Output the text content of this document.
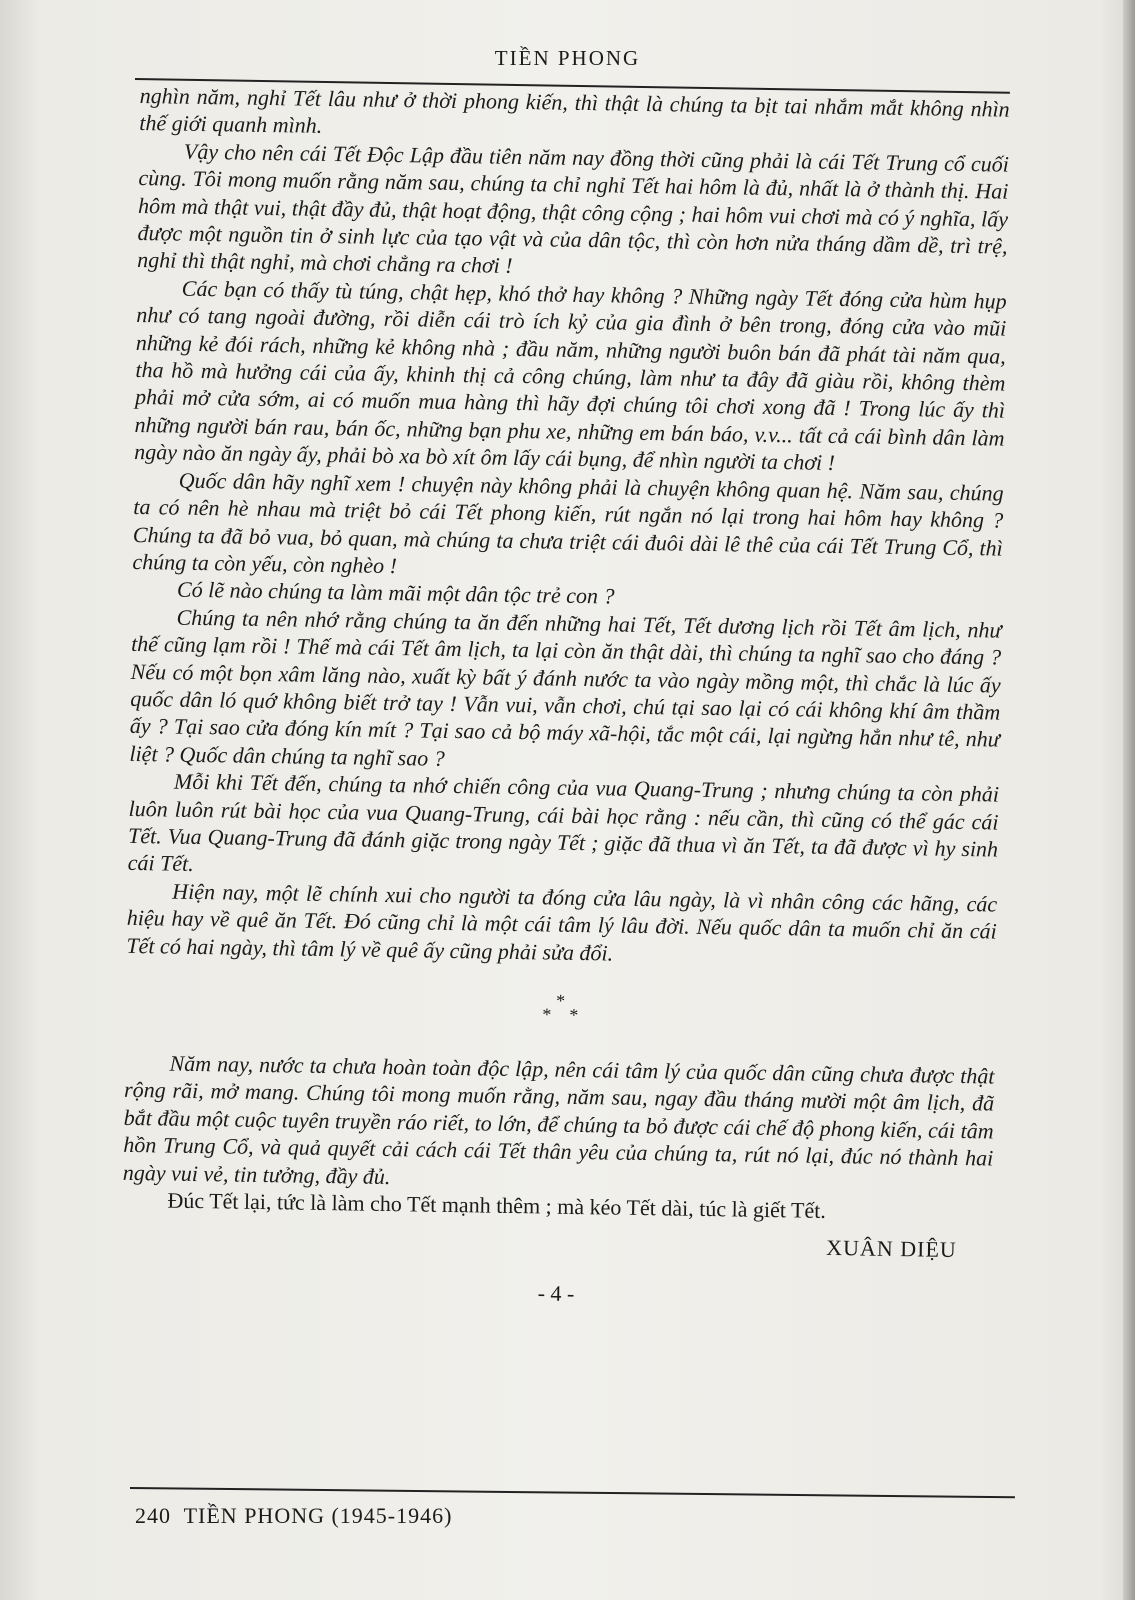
TIỀN PHONG

nghìn năm, nghỉ Tết lâu như ở thời phong kiến, thì thật là chúng ta bịt tai nhắm mắt không nhìn thế giới quanh mình.

Vậy cho nên cái Tết Độc Lập đầu tiên năm nay đồng thời cũng phải là cái Tết Trung cổ cuối cùng. Tôi mong muốn rằng năm sau, chúng ta chỉ nghỉ Tết hai hôm là đủ, nhất là ở thành thị. Hai hôm mà thật vui, thật đầy đủ, thật hoạt động, thật công cộng ; hai hôm vui chơi mà có ý nghĩa, lấy được một nguồn tin ở sinh lực của tạo vật và của dân tộc, thì còn hơn nửa tháng dầm dề, trì trệ, nghỉ thì thật nghỉ, mà chơi chẳng ra chơi !

Các bạn có thấy tù túng, chật hẹp, khó thở hay không ? Những ngày Tết đóng cửa hùm hụp như có tang ngoài đường, rồi diễn cái trò ích kỷ của gia đình ở bên trong, đóng cửa vào mũi những kẻ đói rách, những kẻ không nhà ; đầu năm, những người buôn bán đã phát tài năm qua, tha hồ mà hưởng cái của ấy, khinh thị cả công chúng, làm như ta đây đã giàu rồi, không thèm phải mở cửa sớm, ai có muốn mua hàng thì hãy đợi chúng tôi chơi xong đã ! Trong lúc ấy thì những người bán rau, bán ốc, những bạn phu xe, những em bán báo, v.v... tất cả cái bình dân làm ngày nào ăn ngày ấy, phải bò xa bò xít ôm lấy cái bụng, để nhìn người ta chơi !

Quốc dân hãy nghĩ xem ! chuyện này không phải là chuyện không quan hệ. Năm sau, chúng ta có nên hè nhau mà triệt bỏ cái Tết phong kiến, rút ngắn nó lại trong hai hôm hay không ? Chúng ta đã bỏ vua, bỏ quan, mà chúng ta chưa triệt cái đuôi dài lê thê của cái Tết Trung Cổ, thì chúng ta còn yếu, còn nghèo !

Có lẽ nào chúng ta làm mãi một dân tộc trẻ con ?

Chúng ta nên nhớ rằng chúng ta ăn đến những hai Tết, Tết dương lịch rồi Tết âm lịch, như thế cũng lạm rồi ! Thế mà cái Tết âm lịch, ta lại còn ăn thật dài, thì chúng ta nghĩ sao cho đáng ? Nếu có một bọn xâm lăng nào, xuất kỳ bất ý đánh nước ta vào ngày mồng một, thì chắc là lúc ấy quốc dân ló quớ không biết trở tay ! Vẫn vui, vẫn chơi, chú tại sao lại có cái không khí âm thầm ấy ? Tại sao cửa đóng kín mít ? Tại sao cả bộ máy xã-hội, tắc một cái, lại ngừng hẳn như tê, như liệt ? Quốc dân chúng ta nghĩ sao ?

Mỗi khi Tết đến, chúng ta nhớ chiến công của vua Quang-Trung ; nhưng chúng ta còn phải luôn luôn rút bài học của vua Quang-Trung, cái bài học rằng : nếu cần, thì cũng có thể gác cái Tết. Vua Quang-Trung đã đánh giặc trong ngày Tết ; giặc đã thua vì ăn Tết, ta đã được vì hy sinh cái Tết.

Hiện nay, một lẽ chính xui cho người ta đóng cửa lâu ngày, là vì nhân công các hãng, các hiệu hay về quê ăn Tết. Đó cũng chỉ là một cái tâm lý lâu đời. Nếu quốc dân ta muốn chỉ ăn cái Tết có hai ngày, thì tâm lý về quê ấy cũng phải sửa đổi.

*
* *

Năm nay, nước ta chưa hoàn toàn độc lập, nên cái tâm lý của quốc dân cũng chưa được thật rộng rãi, mở mang. Chúng tôi mong muốn rằng, năm sau, ngay đầu tháng mười một âm lịch, đã bắt đầu một cuộc tuyên truyền ráo riết, to lớn, để chúng ta bỏ được cái chế độ phong kiến, cái tâm hồn Trung Cổ, và quả quyết cải cách cái Tết thân yêu của chúng ta, rút nó lại, đúc nó thành hai ngày vui vẻ, tin tưởng, đầy đủ.

Đúc Tết lại, tức là làm cho Tết mạnh thêm ; mà kéo Tết dài, túc là giết Tết.

XUÂN DIỆU
- 4 -
240  TIỀN PHONG (1945-1946)
